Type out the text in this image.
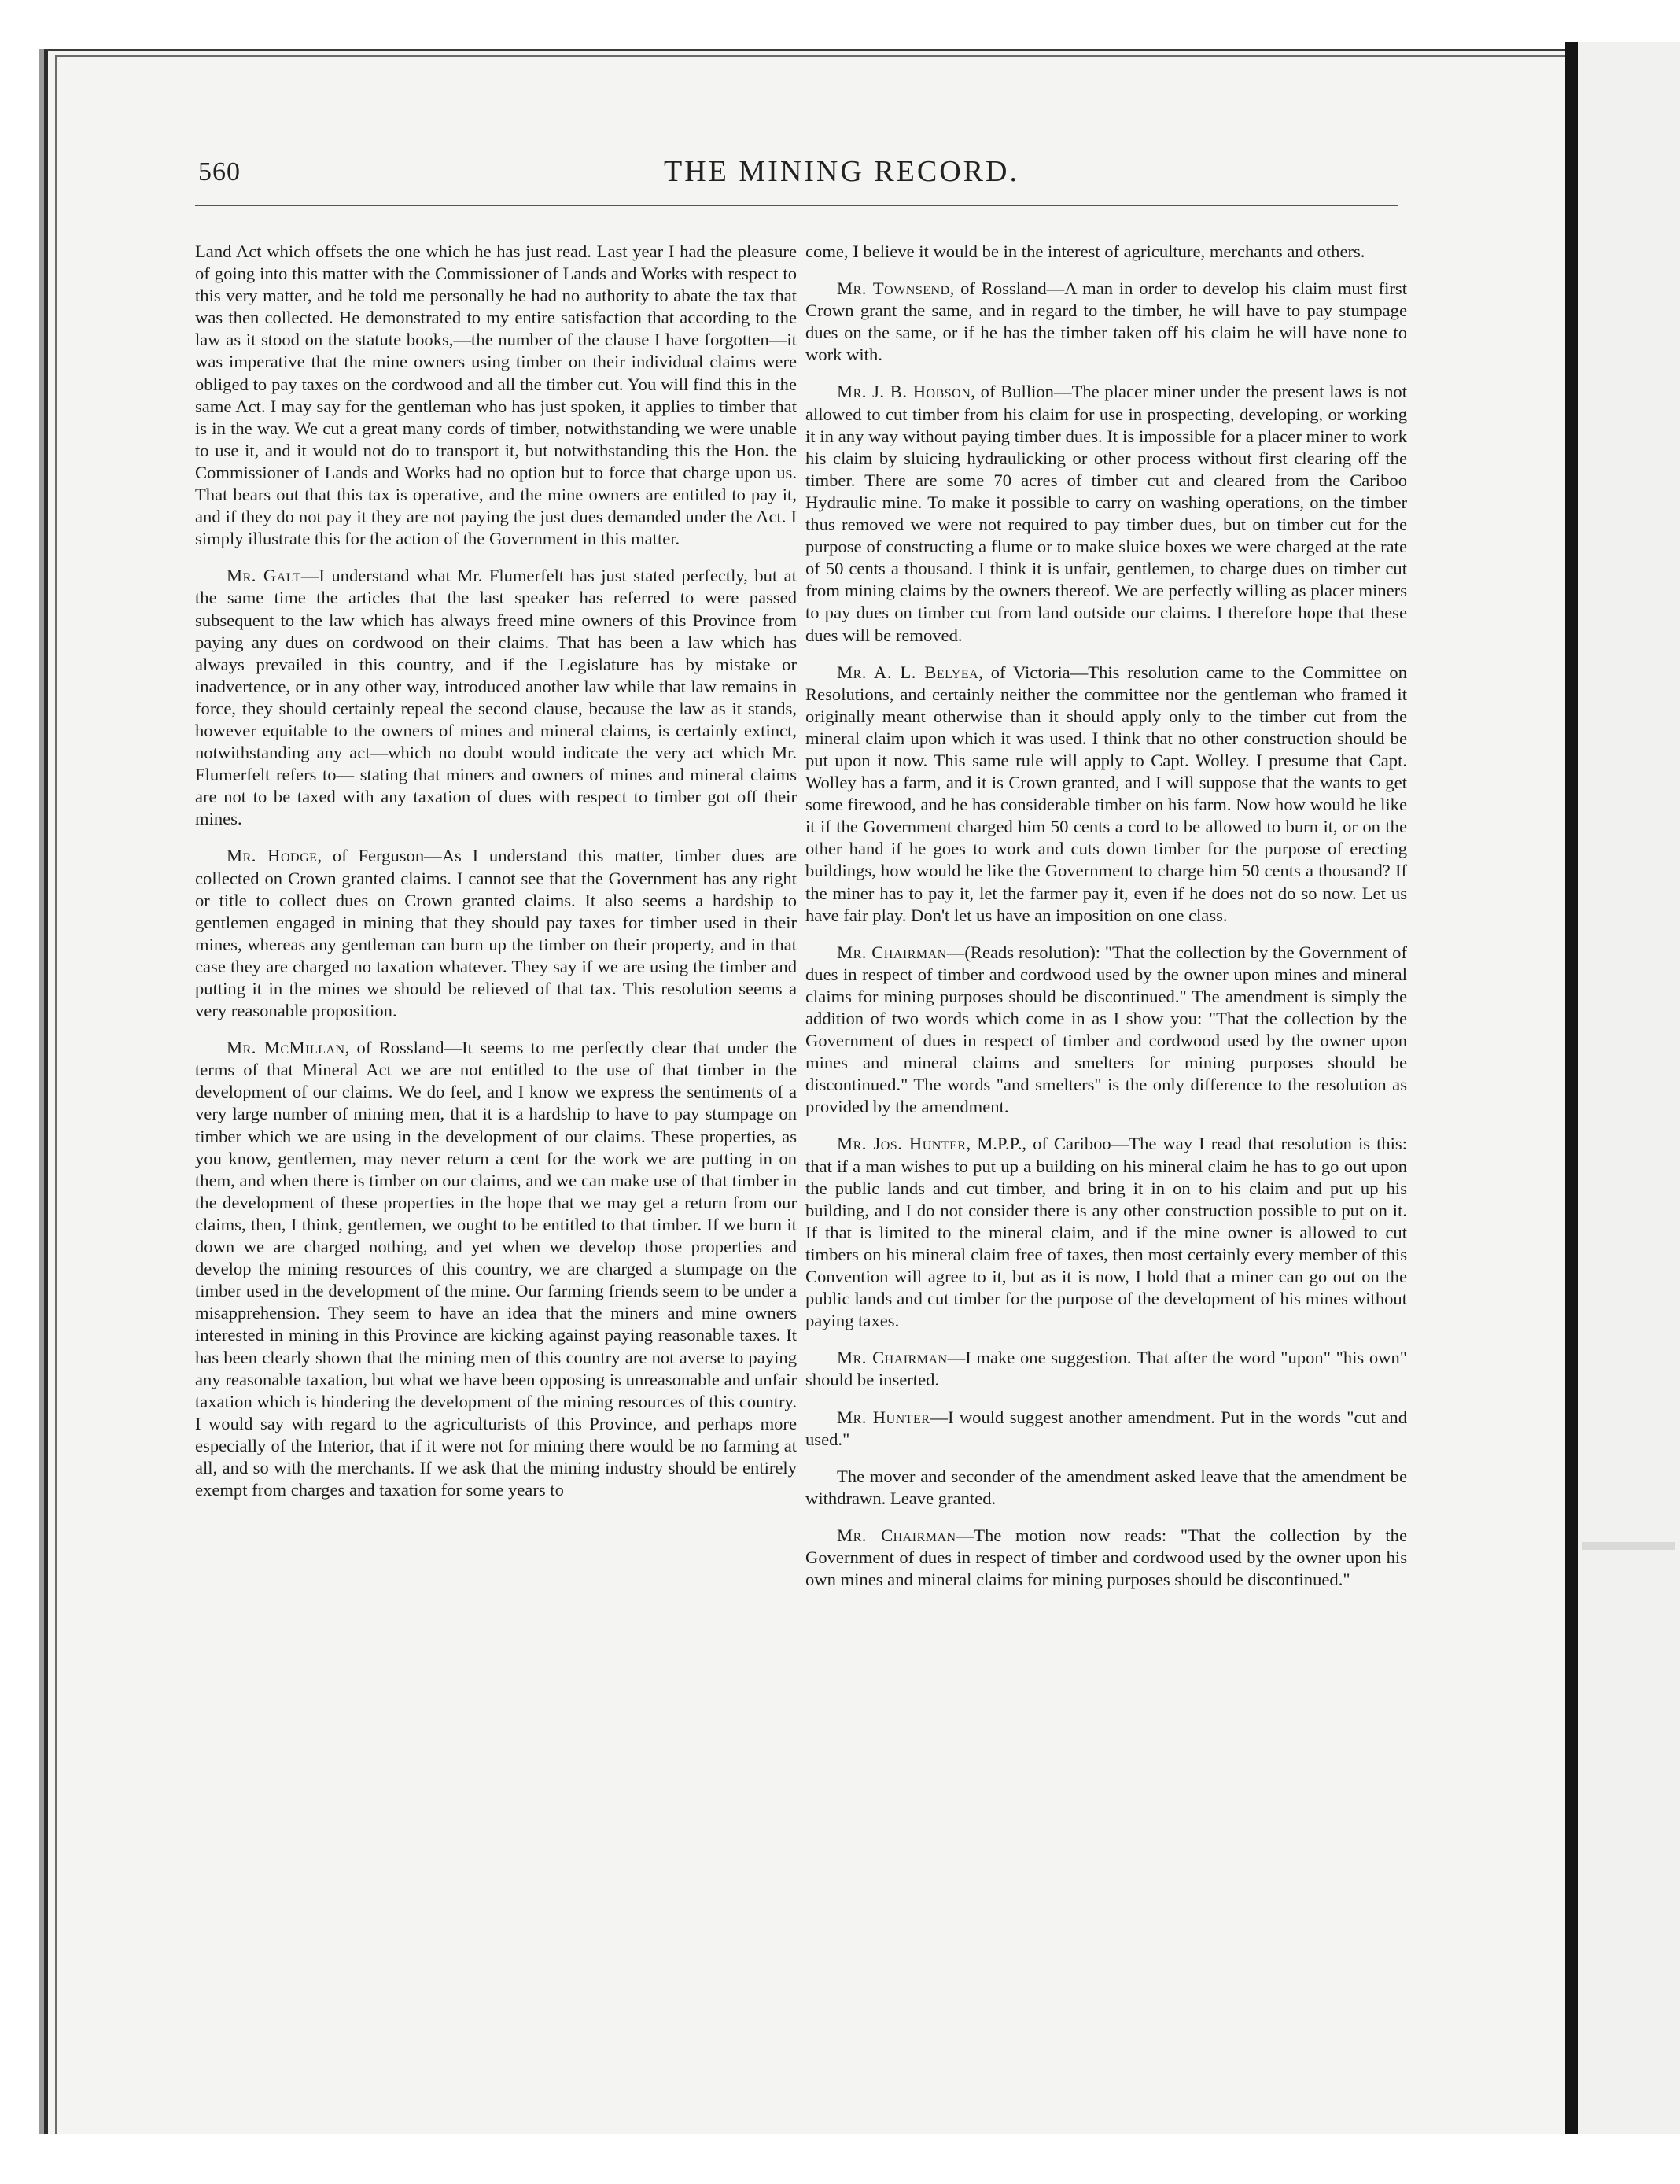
560	THE MINING RECORD.

Land Act which offsets the one which he has just read. Last year I had the pleasure of going into this matter with the Commissioner of Lands and Works with respect to this very matter, and he told me personally he had no authority to abate the tax that was then collected. He demonstrated to my entire satisfaction that according to the law as it stood on the statute books,—the number of the clause I have forgotten—it was imperative that the mine owners using timber on their individual claims were obliged to pay taxes on the cordwood and all the timber cut. You will find this in the same Act. I may say for the gentleman who has just spoken, it applies to timber that is in the way. We cut a great many cords of timber, notwithstanding we were unable to use it, and it would not do to transport it, but notwithstanding this the Hon. the Commissioner of Lands and Works had no option but to force that charge upon us. That bears out that this tax is operative, and the mine owners are entitled to pay it, and if they do not pay it they are not paying the just dues demanded under the Act. I simply illustrate this for the action of the Government in this matter.

Mr. Galt—I understand what Mr. Flumerfelt has just stated perfectly, but at the same time the articles that the last speaker has referred to were passed subsequent to the law which has always freed mine owners of this Province from paying any dues on cordwood on their claims. That has been a law which has always prevailed in this country, and if the Legislature has by mistake or inadvertence, or in any other way, introduced another law while that law remains in force, they should certainly repeal the second clause, because the law as it stands, however equitable to the owners of mines and mineral claims, is certainly extinct, notwithstanding any act—which no doubt would indicate the very act which Mr. Flumerfelt refers to— stating that miners and owners of mines and mineral claims are not to be taxed with any taxation of dues with respect to timber got off their mines.

Mr. Hodge, of Ferguson—As I understand this matter, timber dues are collected on Crown granted claims. I cannot see that the Government has any right or title to collect dues on Crown granted claims. It also seems a hardship to gentlemen engaged in mining that they should pay taxes for timber used in their mines, whereas any gentleman can burn up the timber on their property, and in that case they are charged no taxation whatever. They say if we are using the timber and putting it in the mines we should be relieved of that tax. This resolution seems a very reasonable proposition.

Mr. McMillan, of Rossland—It seems to me perfectly clear that under the terms of that Mineral Act we are not entitled to the use of that timber in the development of our claims. We do feel, and I know we express the sentiments of a very large number of mining men, that it is a hardship to have to pay stumpage on timber which we are using in the development of our claims. These properties, as you know, gentlemen, may never return a cent for the work we are putting in on them, and when there is timber on our claims, and we can make use of that timber in the development of these properties in the hope that we may get a return from our claims, then, I think, gentlemen, we ought to be entitled to that timber. If we burn it down we are charged nothing, and yet when we develop those properties and develop the mining resources of this country, we are charged a stumpage on the timber used in the development of the mine. Our farming friends seem to be under a misapprehension. They seem to have an idea that the miners and mine owners interested in mining in this Province are kicking against paying reasonable taxes. It has been clearly shown that the mining men of this country are not averse to paying any reasonable taxation, but what we have been opposing is unreasonable and unfair taxation which is hindering the development of the mining resources of this country. I would say with regard to the agriculturists of this Province, and perhaps more especially of the Interior, that if it were not for mining there would be no farming at all, and so with the merchants. If we ask that the mining industry should be entirely exempt from charges and taxation for some years to

come, I believe it would be in the interest of agriculture, merchants and others.

Mr. Townsend, of Rossland—A man in order to develop his claim must first Crown grant the same, and in regard to the timber, he will have to pay stumpage dues on the same, or if he has the timber taken off his claim he will have none to work with.

Mr. J. B. Hobson, of Bullion—The placer miner under the present laws is not allowed to cut timber from his claim for use in prospecting, developing, or working it in any way without paying timber dues. It is impossible for a placer miner to work his claim by sluicing hydraulicking or other process without first clearing off the timber. There are some 70 acres of timber cut and cleared from the Cariboo Hydraulic mine. To make it possible to carry on washing operations, on the timber thus removed we were not required to pay timber dues, but on timber cut for the purpose of constructing a flume or to make sluice boxes we were charged at the rate of 50 cents a thousand. I think it is unfair, gentlemen, to charge dues on timber cut from mining claims by the owners thereof. We are perfectly willing as placer miners to pay dues on timber cut from land outside our claims. I therefore hope that these dues will be removed.

Mr. A. L. Belyea, of Victoria—This resolution came to the Committee on Resolutions, and certainly neither the committee nor the gentleman who framed it originally meant otherwise than it should apply only to the timber cut from the mineral claim upon which it was used. I think that no other construction should be put upon it now. This same rule will apply to Capt. Wolley. I presume that Capt. Wolley has a farm, and it is Crown granted, and I will suppose that the wants to get some firewood, and he has considerable timber on his farm. Now how would he like it if the Government charged him 50 cents a cord to be allowed to burn it, or on the other hand if he goes to work and cuts down timber for the purpose of erecting buildings, how would he like the Government to charge him 50 cents a thousand? If the miner has to pay it, let the farmer pay it, even if he does not do so now. Let us have fair play. Don't let us have an imposition on one class.

Mr. Chairman—(Reads resolution): "That the collection by the Government of dues in respect of timber and cordwood used by the owner upon mines and mineral claims for mining purposes should be discontinued." The amendment is simply the addition of two words which come in as I show you: "That the collection by the Government of dues in respect of timber and cordwood used by the owner upon mines and mineral claims and smelters for mining purposes should be discontinued." The words "and smelters" is the only difference to the resolution as provided by the amendment.

Mr. Jos. Hunter, M.P.P., of Cariboo—The way I read that resolution is this: that if a man wishes to put up a building on his mineral claim he has to go out upon the public lands and cut timber, and bring it in on to his claim and put up his building, and I do not consider there is any other construction possible to put on it. If that is limited to the mineral claim, and if the mine owner is allowed to cut timbers on his mineral claim free of taxes, then most certainly every member of this Convention will agree to it, but as it is now, I hold that a miner can go out on the public lands and cut timber for the purpose of the development of his mines without paying taxes.

Mr. Chairman—I make one suggestion. That after the word "upon" "his own" should be inserted.

Mr. Hunter—I would suggest another amendment. Put in the words "cut and used."

The mover and seconder of the amendment asked leave that the amendment be withdrawn. Leave granted.

Mr. Chairman—The motion now reads: "That the collection by the Government of dues in respect of timber and cordwood used by the owner upon his own mines and mineral claims for mining purposes should be discontinued."
